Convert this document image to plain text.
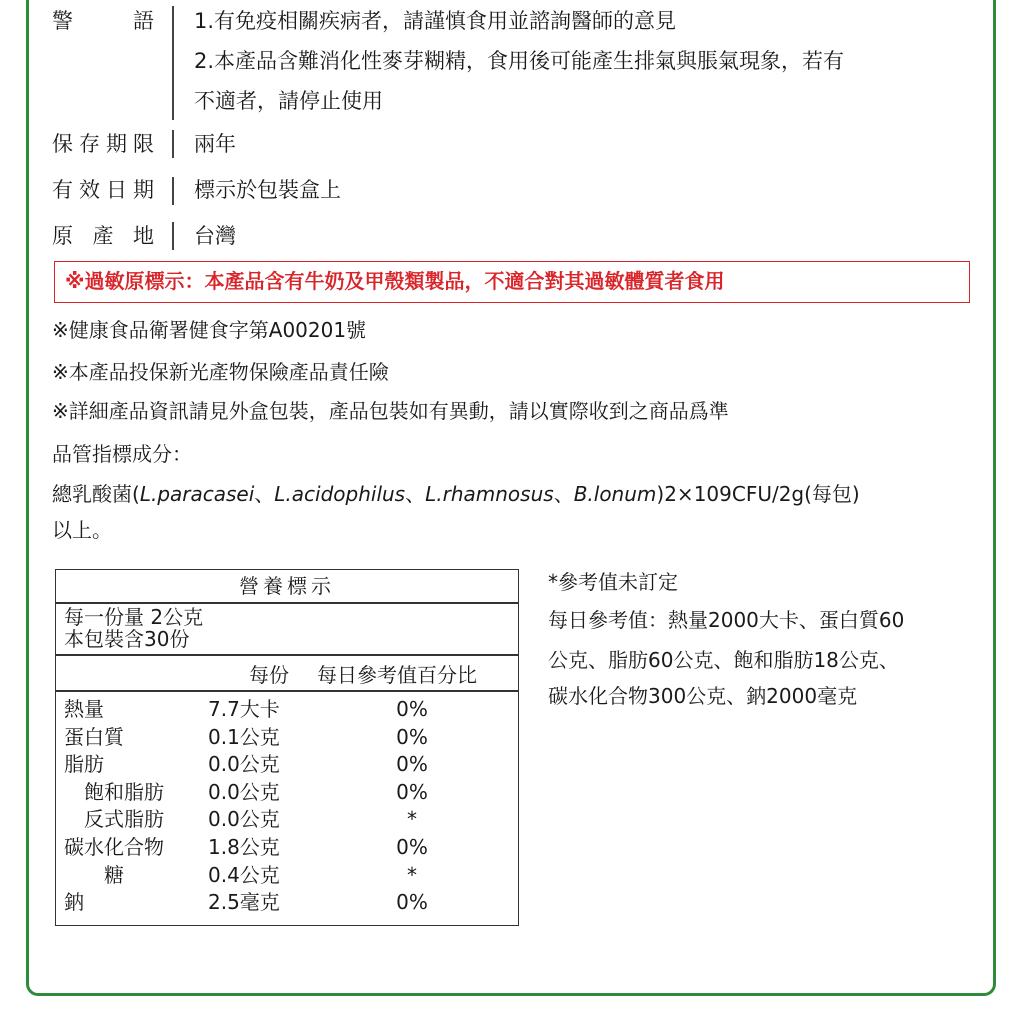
警語 1.有免疫相關疾病者，請謹慎食用並諮詢醫師的意見
2.本產品含難消化性麥芽糊精，食用後可能產生排氣與脹氣現象，若有
不適者，請停止使用
保存期限 兩年
有效日期 標示於包裝盒上
原產地 台灣
※過敏原標示：本產品含有牛奶及甲殼類製品，不適合對其過敏體質者食用
※健康食品衛署健食字第A00201號
※本產品投保新光產物保險產品責任險
※詳細產品資訊請見外盒包裝，產品包裝如有異動，請以實際收到之商品爲準
品管指標成分：
總乳酸菌(L.paracasei、L.acidophilus、L.rhamnosus、B.lonum)2×109CFU/2g(每包)
以上。
營養標示
每一份量 2公克
本包裝含30份
每份 每日參考值百分比
熱量	7.7大卡	0%
蛋白質	0.1公克	0%
脂肪	0.0公克	0%
飽和脂肪 0.0公克	0%
反式脂肪 0.0公克	*
碳水化合物 1.8公克	0%
糖	0.4公克	*
鈉	2.5毫克	0%
*參考值未訂定
每日參考值：熱量2000大卡、蛋白質60
公克、脂肪60公克、飽和脂肪18公克、
碳水化合物300公克、鈉2000毫克
